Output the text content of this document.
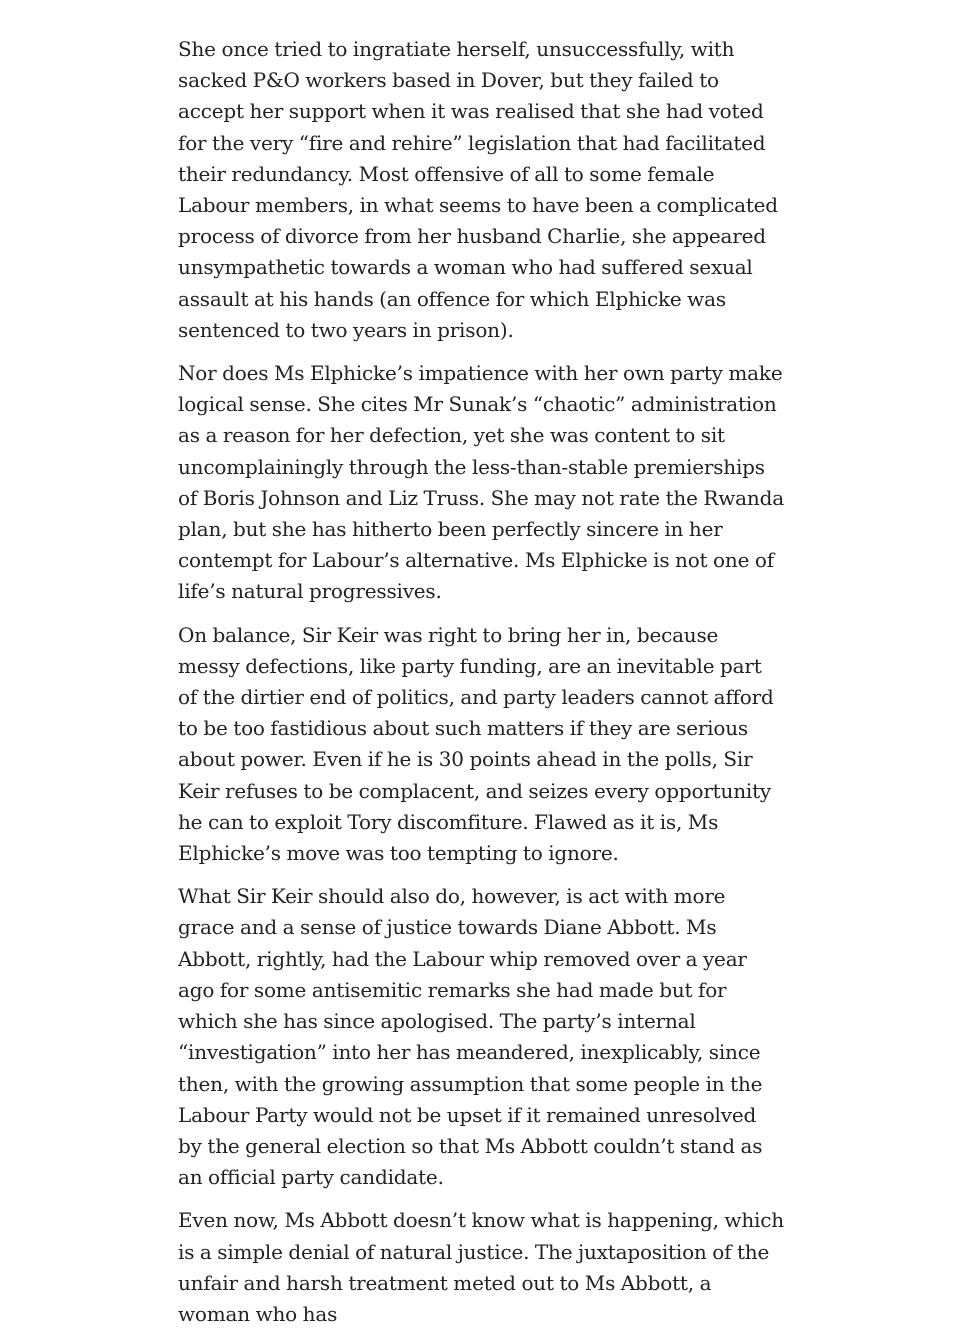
She once tried to ingratiate herself, unsuccessfully, with sacked P&O workers based in Dover, but they failed to accept her support when it was realised that she had voted for the very “fire and rehire” legislation that had facilitated their redundancy. Most offensive of all to some female Labour members, in what seems to have been a complicated process of divorce from her husband Charlie, she appeared unsympathetic towards a woman who had suffered sexual assault at his hands (an offence for which Elphicke was sentenced to two years in prison).

Nor does Ms Elphicke’s impatience with her own party make logical sense. She cites Mr Sunak’s “chaotic” administration as a reason for her defection, yet she was content to sit uncomplainingly through the less-than-stable premierships of Boris Johnson and Liz Truss. She may not rate the Rwanda plan, but she has hitherto been perfectly sincere in her contempt for Labour’s alternative. Ms Elphicke is not one of life’s natural progressives.

On balance, Sir Keir was right to bring her in, because messy defections, like party funding, are an inevitable part of the dirtier end of politics, and party leaders cannot afford to be too fastidious about such matters if they are serious about power. Even if he is 30 points ahead in the polls, Sir Keir refuses to be complacent, and seizes every opportunity he can to exploit Tory discomfiture. Flawed as it is, Ms Elphicke’s move was too tempting to ignore.

What Sir Keir should also do, however, is act with more grace and a sense of justice towards Diane Abbott. Ms Abbott, rightly, had the Labour whip removed over a year ago for some antisemitic remarks she had made but for which she has since apologised. The party’s internal “investigation” into her has meandered, inexplicably, since then, with the growing assumption that some people in the Labour Party would not be upset if it remained unresolved by the general election so that Ms Abbott couldn’t stand as an official party candidate.

Even now, Ms Abbott doesn’t know what is happening, which is a simple denial of natural justice. The juxtaposition of the unfair and harsh treatment meted out to Ms Abbott, a woman who has
